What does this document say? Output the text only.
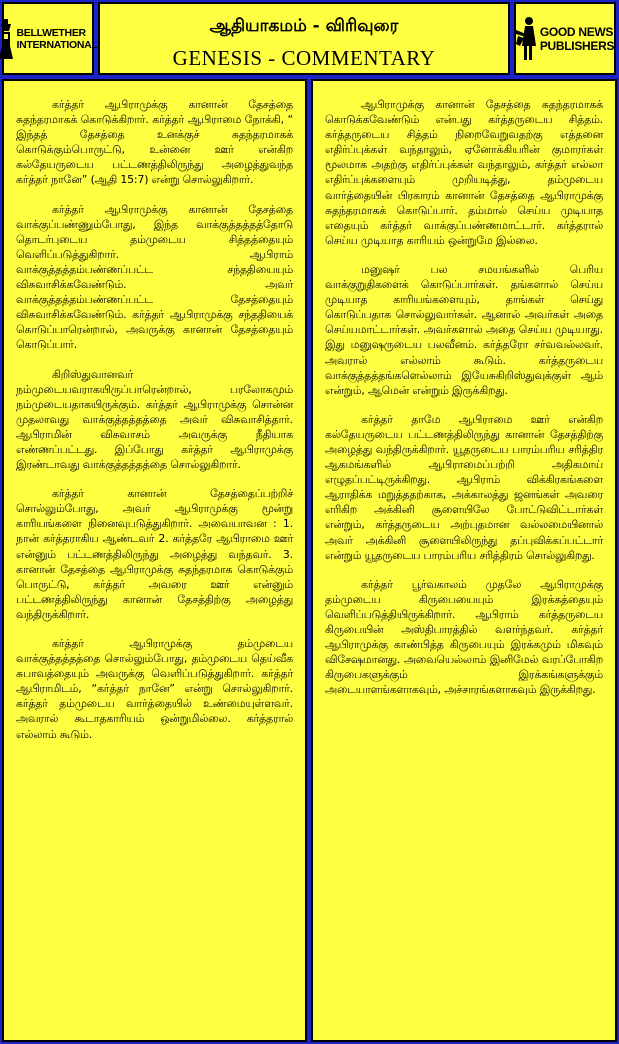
BELLWETHER
INTERNATIONAL
ஆதியாகமம் - விரிவுரை
GENESIS - COMMENTARY
GOOD NEWS
PUBLISHERS

கர்த்தர் ஆபிராமுக்கு கானான் தேசத்தை சுதந்தரமாகக் கொடுக்கிறார். கர்த்தர் ஆபிராமை நோக்கி, “ இந்தத் தேசத்தை உனக்குச் சுதந்தரமாகக் கொடுக்கும்பொருட்டு, உன்னை ஊர் என்கிற கல்தேயருடைய பட்டணத்திலிருந்து அழைத்துவந்த கர்த்தர் நானே” (ஆதி 15:7) என்று சொல்லுகிறார்.

கர்த்தர் ஆபிராமுக்கு கானான் தேசத்தை வாக்குப்பண்ணும்போது, இந்த வாக்குத்தத்தத்தோடு தொடர்புடைய தம்முடைய சித்தத்தையும் வெளிப்படுத்துகிறார். ஆபிராம் வாக்குத்தத்தம்பண்ணப்பட்ட சந்ததியையும் விசுவாசிக்கவேண்டும். அவர் வாக்குத்தத்தம்பண்ணப்பட்ட தேசத்தையும் விசுவாசிக்கவேண்டும். கர்த்தர் ஆபிராமுக்கு சந்ததியைக் கொடுப்பாரென்றால், அவருக்கு கானான் தேசத்தையும் கொடுப்பார்.

கிறிஸ்துவானவர் நம்முடையவராகயிருப்பாரென்றால், பரலோகமும் நம்முடையதாகயிருக்கும். கர்த்தர் ஆபிராமுக்கு சொன்ன முதலாவது வாக்குத்தத்தத்தை அவர் விசுவாசித்தார். ஆபிராமின் விசுவாசம் அவருக்கு நீதியாக எண்ணப்பட்டது. இப்போது கர்த்தர் ஆபிராமுக்கு இரண்டாவது வாக்குத்தத்தத்தை சொல்லுகிறார்.

கர்த்தர் கானான் தேசத்தைப்பற்றிச் சொல்லும்போது, அவர் ஆபிராமுக்கு மூன்று காரியங்களை நினைவுபடுத்துகிறார். அவையாவன : 1. நான் கர்த்தராகிய ஆண்டவர் 2. கர்த்தரே ஆபிராமை ஊர் என்னும் பட்டணத்திலிருந்து அழைத்து வந்தவர். 3. கானான் தேசத்தை ஆபிராமுக்கு சுதந்தரமாக கொடுக்கும் பொருட்டு, கர்த்தர் அவரை ஊர் என்னும் பட்டணத்திலிருந்து கானான் தேசத்திற்கு அழைத்து வந்திருக்கிறார்.

கர்த்தர் ஆபிராமுக்கு தம்முடைய வாக்குத்தத்தத்தை சொல்லும்போது, தம்முடைய தெய்வீக சுபாவத்தையும் அவருக்கு வெளிப்படுத்துகிறார். கர்த்தர் ஆபிராமிடம், “கர்த்தர் நானே” என்று சொல்லுகிறார். கர்த்தர் தம்முடைய வார்த்தையில் உண்மையுள்ளவர். அவரால் கூடாதகாரியம் ஒன்றுமில்லை. கர்த்தரால் எல்லாம் கூடும்.

ஆபிராமுக்கு கானான் தேசத்தை சுதந்தரமாகக் கொடுக்கவேண்டும் என்பது கர்த்தருடைய சித்தம். கர்த்தருடைய சித்தம் நிறைவேறுவதற்கு எத்தனை எதிர்ப்புக்கள் வந்தாலும், ஏனோக்கியரின் குமாரர்கள் மூலமாக அதற்கு எதிர்ப்புக்கள் வந்தாலும், கர்த்தர் எல்லா எதிர்ப்புக்களையும் முறியடித்து, தம்முடைய வார்த்தையின் பிரகாரம் கானான் தேசத்தை ஆபிராமுக்கு சுதந்தரமாகக் கொடுப்பார். தம்மால் செய்ய முடியாத எதையும் கர்த்தர் வாக்குப்பண்ணமாட்டார். கர்த்தரால் செய்ய முடியாத காரியம் ஒன்றுமே இல்லை.

மனுஷர் பல சமயங்களில் பெரிய வாக்குறுதிகளைக் கொடுப்பார்கள். தங்களால் செய்ய முடியாத காரியங்களையும், தாங்கள் செய்து கொடுப்பதாக சொல்லுவார்கள். ஆனால் அவர்கள் அதை செய்யமாட்டார்கள். அவர்களால் அதை செய்ய முடியாது. இது மனுஷருடைய பலவீனம். கர்த்தரோ சர்வவல்லவர். அவரால் எல்லாம் கூடும். கர்த்தருடைய வாக்குத்தத்தங்களெல்லாம் இயேசுகிறிஸ்துவுக்குள் ஆம் என்றும், ஆமென் என்றும் இருக்கிறது.

கர்த்தர் தாமே ஆபிராமை ஊர் என்கிற கல்தேயருடைய பட்டணத்திலிருந்து கானான் தேசத்திற்கு அழைத்து வந்திருக்கிறார். யூதருடைய பாரம்பரிய சரித்திர ஆகமங்களில் ஆபிராமைப்பற்றி அதிகமாய் எழுதப்பட்டிருக்கிறது. ஆபிராம் விக்கிரகங்களை ஆராதிக்க மறுத்ததற்காக, அக்காலத்து ஜனங்கள் அவரை எரிகிற அக்கினி சூளையிலே போட்டுவிட்டார்கள் என்றும், கர்த்தருடைய அற்புதமான வல்லமையினால் அவர் அக்கினி சூளையிலிருந்து தப்புவிக்கப்பட்டார் என்றும் யூதருடைய பாரம்பரிய சரித்திரம் சொல்லுகிறது.

கர்த்தர் பூர்வகாலம் முதலே ஆபிராமுக்கு தம்முடைய கிருபையையும் இரக்கத்தையும் வெளிப்படுத்தியிருக்கிறார். ஆபிராம் கர்த்தருடைய கிருபையின் அஸ்திபாரத்தில் வளர்ந்தவர். கர்த்தர் ஆபிராமுக்கு காண்பித்த கிருபையும் இரக்கமும் மிகவும் விசேஷமானது. அவையெல்லாம் இனிமேல் வரப்போகிற கிருபைகளுக்கும் இரக்கங்களுக்கும் அடையாளங்களாகவும், அச்சாரங்களாகவும் இருக்கிறது.
